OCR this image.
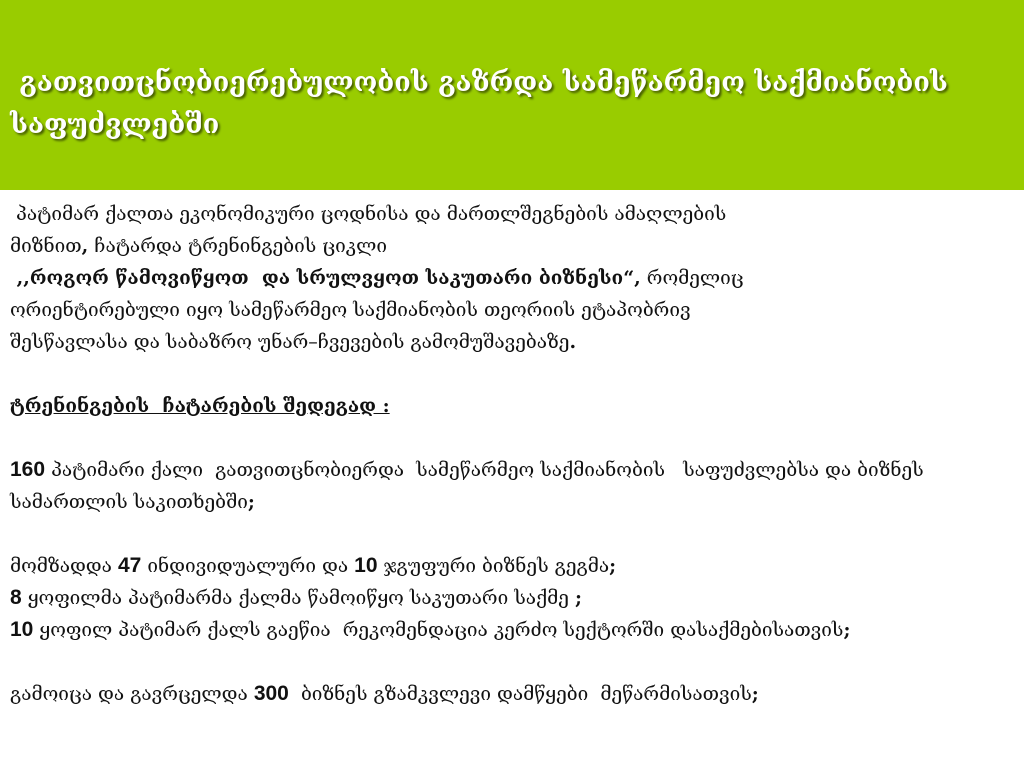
გათვითცნობიერებულობის გაზრდა სამეწარმეო საქმიანობის საფუძვლებში

პატიმარ ქალთა ეკონომიკური ცოდნისა და მართლშეგნების ამაღლების

მიზნით, ჩატარდა ტრენინგების ციკლი

,,როგორ წამოვიწყოთ  და სრულვყოთ საკუთარი ბიზნესი“, რომელიც

ორიენტირებული იყო სამეწარმეო საქმიანობის თეორიის ეტაპობრივ

შესწავლასა და საბაზრო უნარ–ჩვევების გამომუშავებაზე.

ტრენინგების  ჩატარების შედეგად :

160 პატიმარი ქალი  გათვითცნობიერდა  სამეწარმეო საქმიანობის   საფუძვლებსა და ბიზნეს სამართლის საკითხებში;

მომზადდა 47 ინდივიდუალური და 10 ჯგუფური ბიზნეს გეგმა;

8 ყოფილმა პატიმარმა ქალმა წამოიწყო საკუთარი საქმე ;

10 ყოფილ პატიმარ ქალს გაეწია  რეკომენდაცია კერძო სექტორში დასაქმებისათვის;

გამოიცა და გავრცელდა 300  ბიზნეს გზამკვლევი დამწყები  მეწარმისათვის;
